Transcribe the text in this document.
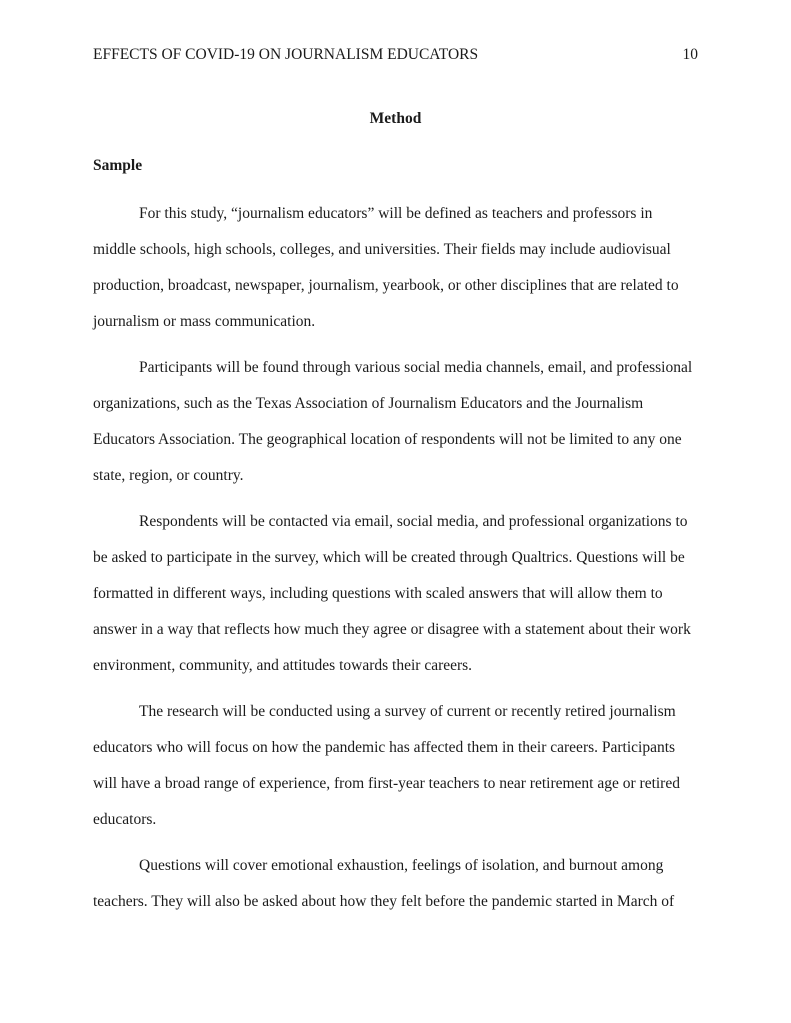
EFFECTS OF COVID-19 ON JOURNALISM EDUCATORS	10
Method
Sample

For this study, “journalism educators” will be defined as teachers and professors in middle schools, high schools, colleges, and universities. Their fields may include audiovisual production, broadcast, newspaper, journalism, yearbook, or other disciplines that are related to journalism or mass communication.

Participants will be found through various social media channels, email, and professional organizations, such as the Texas Association of Journalism Educators and the Journalism Educators Association. The geographical location of respondents will not be limited to any one state, region, or country.

Respondents will be contacted via email, social media, and professional organizations to be asked to participate in the survey, which will be created through Qualtrics. Questions will be formatted in different ways, including questions with scaled answers that will allow them to answer in a way that reflects how much they agree or disagree with a statement about their work environment, community, and attitudes towards their careers.

The research will be conducted using a survey of current or recently retired journalism educators who will focus on how the pandemic has affected them in their careers. Participants will have a broad range of experience, from first-year teachers to near retirement age or retired educators.

Questions will cover emotional exhaustion, feelings of isolation, and burnout among teachers. They will also be asked about how they felt before the pandemic started in March of
